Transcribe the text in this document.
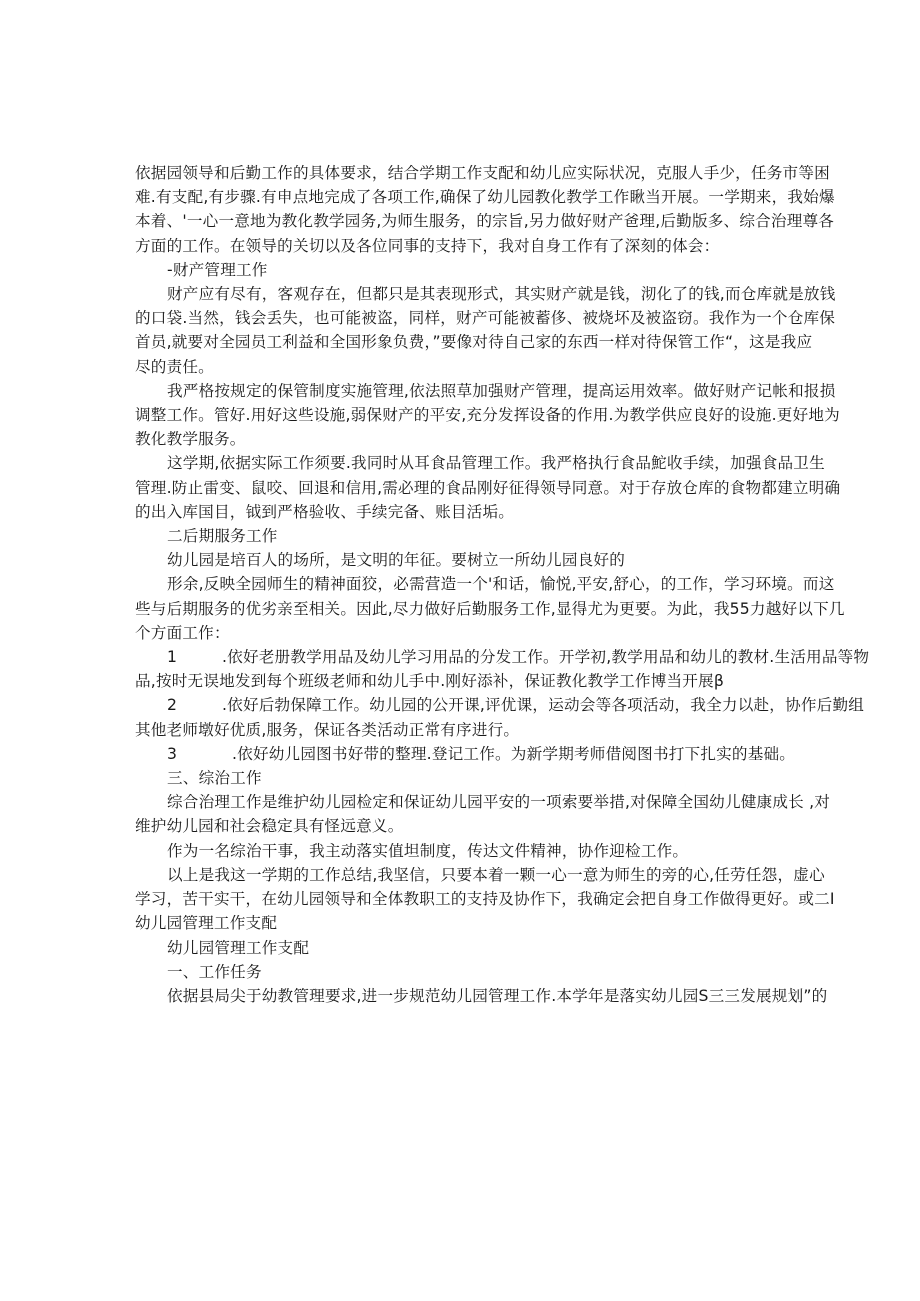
依据园领导和后勤工作的具体要求，结合学期工作支配和幼儿应实际状况，克服人手少，任务市等困
难.有支配,有步骤.有申点地完成了各项工作,确保了幼儿园教化教学工作瞅当开展。一学期来，我始爆
本着、'一心一意地为教化教学园务,为师生服务，的宗旨,另力做好财产爸理,后勤版多、综合治理尊各
方面的工作。在领导的关切以及各位同事的支持下，我对自身工作有了深刻的体会：
-财产管理工作
财产应有尽有，客观存在，但都只是其表现形式，其实财产就是钱，沏化了的钱,而仓库就是放钱
的口袋.当然，钱会丢失，也可能被盗，同样，财产可能被蓄侈、被烧坏及被盗窃。我作为一个仓库保
首员,就要对全园员工利益和全国形象负费，”要像对待自己家的东西一样对待保管工作“，这是我应
尽的责任。
我严格按规定的保管制度实施管理,依法照草加强财产管理，提高运用效率。做好财产记帐和报损
调整工作。管好.用好这些设施,弱保财产的平安,充分发挥设备的作用.为教学供应良好的设施.更好地为
教化教学服务。
这学期,依据实际工作须要.我同时从耳食品管理工作。我严格执行食品鮀收手续，加强食品卫生
管理.防止雷变、鼠咬、回退和信用,需必理的食品刚好征得领导同意。对于存放仓库的食物都建立明确
的出入库国目，钺到严格验收、手续完备、账目活垢。
二后期服务工作
幼儿园是培百人的场所，是文明的年征。要树立一所幼儿园良好的
形余,反映全园师生的精神面狡，必需营造一个'和话，愉悦,平安,舒心，的工作，学习环境。而这
些与后期服务的优劣亲至相关。因此,尽力做好后勤服务工作,显得尤为更要。为此，我55力越好以下几
个方面工作：
1	.依好老册教学用品及幼儿学习用品的分发工作。开学初,教学用品和幼儿的教材.生活用品等物
品,按时无误地发到每个班级老师和幼儿手中.刚好添补，保证教化教学工作博当开展β
2	.依好后勃保障工作。幼儿园的公开课,评优课，运动会等各项活动，我全力以赴，协作后勤组
其他老师墩好优质,服务，保证各类活动正常有序进行。
3	.依好幼儿园图书好带的整理.登记工作。为新学期考师借阅图书打下扎实的基础。
三、综治工作
综合治理工作是维护幼儿园检定和保证幼儿园平安的一项索要举措,对保障全国幼儿健康成长 ,对
维护幼儿园和社会稳定具有怪远意义。
作为一名综治干事，我主动落实值坦制度，传达文件精神，协作迎检工作。
以上是我这一学期的工作总结,我坚信，只要本着一颗一心一意为师生的旁的心,任劳任怨，虚心
学习，苦干实干，在幼儿园领导和全体教职工的支持及协作下，我确定会把自身工作做得更好。或二I
幼儿园管理工作支配
幼儿园管理工作支配
一、工作任务
依据县局尖于幼教管理要求,进一步规范幼儿园管理工作.本学年是落实幼儿园S三三发展规划”的
